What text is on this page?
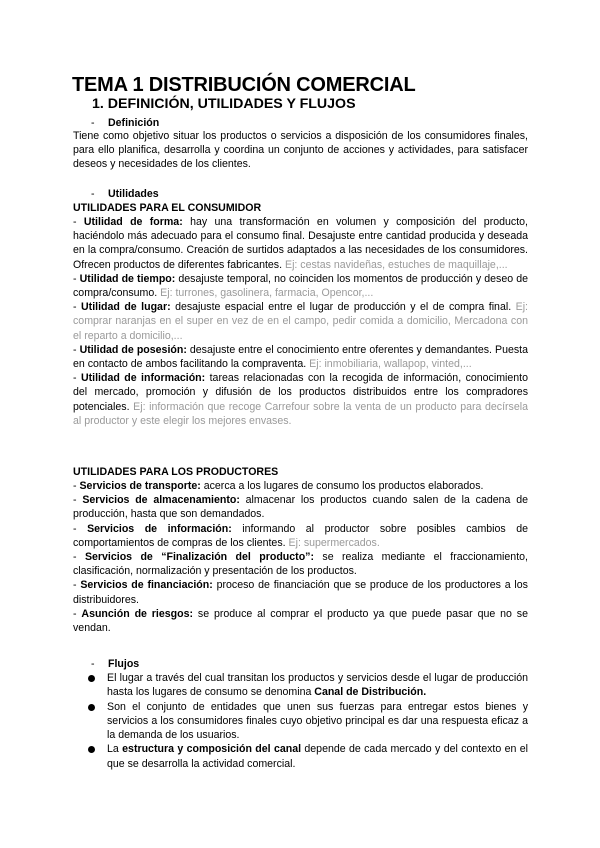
TEMA 1 DISTRIBUCIÓN COMERCIAL
1. DEFINICIÓN, UTILIDADES Y FLUJOS
- Definición
Tiene como objetivo situar los productos o servicios a disposición de los consumidores finales, para ello planifica, desarrolla y coordina un conjunto de acciones y actividades, para satisfacer deseos y necesidades de los clientes.
- Utilidades
UTILIDADES PARA EL CONSUMIDOR

- Utilidad de forma: hay una transformación en volumen y composición del producto, haciéndolo más adecuado para el consumo final. Desajuste entre cantidad producida y deseada en la compra/consumo. Creación de surtidos adaptados a las necesidades de los consumidores. Ofrecen productos de diferentes fabricantes. Ej: cestas navideñas, estuches de maquillaje,...

- Utilidad de tiempo: desajuste temporal, no coinciden los momentos de producción y deseo de compra/consumo. Ej: turrones, gasolinera, farmacia, Opencor,...

- Utilidad de lugar: desajuste espacial entre el lugar de producción y el de compra final. Ej: comprar naranjas en el super en vez de en el campo, pedir comida a domicilio, Mercadona con el reparto a domicilio,...

- Utilidad de posesión: desajuste entre el conocimiento entre oferentes y demandantes. Puesta en contacto de ambos facilitando la compraventa. Ej: inmobiliaria, wallapop, vinted,...

- Utilidad de información: tareas relacionadas con la recogida de información, conocimiento del mercado, promoción y difusión de los productos distribuidos entre los compradores potenciales. Ej: información que recoge Carrefour sobre la venta de un producto para decírsela al productor y este elegir los mejores envases.

UTILIDADES PARA LOS PRODUCTORES

- Servicios de transporte: acerca a los lugares de consumo los productos elaborados.

- Servicios de almacenamiento: almacenar los productos cuando salen de la cadena de producción, hasta que son demandados.

- Servicios de información: informando al productor sobre posibles cambios de comportamientos de compras de los clientes. Ej: supermercados.

- Servicios de “Finalización del producto”: se realiza mediante el fraccionamiento, clasificación, normalización y presentación de los productos.

- Servicios de financiación: proceso de financiación que se produce de los productores a los distribuidores.

- Asunción de riesgos: se produce al comprar el producto ya que puede pasar que no se vendan.

- Flujos
El lugar a través del cual transitan los productos y servicios desde el lugar de producción hasta los lugares de consumo se denomina Canal de Distribución.
Son el conjunto de entidades que unen sus fuerzas para entregar estos bienes y servicios a los consumidores finales cuyo objetivo principal es dar una respuesta eficaz a la demanda de los usuarios.
La estructura y composición del canal depende de cada mercado y del contexto en el que se desarrolla la actividad comercial.
